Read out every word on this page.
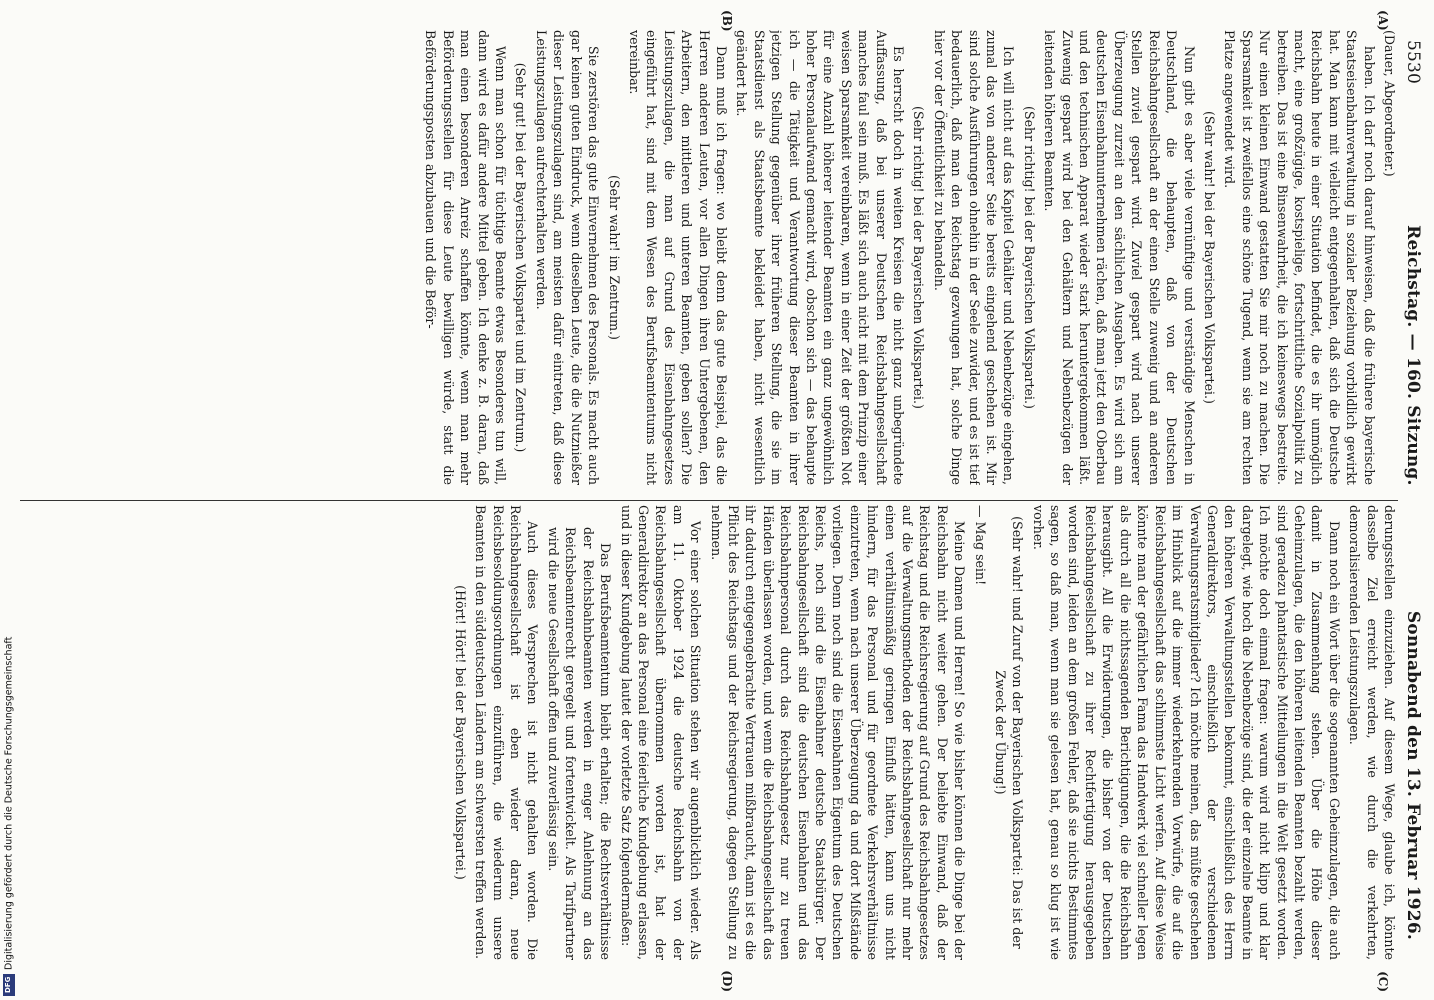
5530
Reichstag. — 160. Sitzung.
Sonnabend den 13. Februar 1926.
(A)
(B)
(C)
(D)

(Dauer, Abgeordneter.)

haben. Ich darf noch darauf hinweisen, daß die frühere bayerische Staatseisenbahnverwaltung in sozialer Beziehung vorbildlich gewirkt hat. Man kann mit vielleicht entgegenhalten, daß sich die Deutsche Reichsbahn heute in einer Situation befindet, die es ihr unmöglich macht, eine großzügige, kostspielige, fortschrittliche Sozialpolitik zu betreiben. Das ist eine Binsenwahrheit, die ich keineswegs bestreite. Nur einen kleinen Einwand gestatten Sie mir noch zu machen. Die Sparsamkeit ist zweifellos eine schöne Tugend, wenn sie am rechten Platze angewendet wird.

(Sehr wahr! bei der Bayerischen Volkspartei.)

Nun gibt es aber viele vernünftige und verständige Menschen in Deutschland, die behaupten, daß von der Deutschen Reichsbahngesellschaft an der einen Stelle zuwenig und an anderen Stellen zuviel gespart wird. Zuviel gespart wird nach unserer Überzeugung zurzeit an den sächlichen Ausgaben. Es wird sich am deutschen Eisenbahnunternehmen rächen, daß man jetzt den Oberbau und den technischen Apparat wieder stark heruntergekommen läßt. Zuwenig gespart wird bei den Gehältern und Nebenbezügen der leitenden höheren Beamten.

(Sehr richtig! bei der Bayerischen Volkspartei.)

Ich will nicht auf das Kapitel Gehälter und Nebenbezüge eingehen, zumal das von anderer Seite bereits eingehend geschehen ist. Mir sind solche Ausführungen ohnehin in der Seele zuwider, und es ist tief bedauerlich, daß man den Reichstag gezwungen hat, solche Dinge hier vor der Öffentlichkeit zu behandeln.

(Sehr richtig! bei der Bayerischen Volkspartei.)

Es herrscht doch in weiten Kreisen die nicht ganz unbegründete Auffassung, daß bei unserer Deutschen Reichsbahngesellschaft manches faul sein muß. Es läßt sich auch nicht mit dem Prinzip einer weisen Sparsamkeit vereinbaren, wenn in einer Zeit der größten Not für eine Anzahl höherer leitender Beamten ein ganz ungewöhnlich hoher Personalaufwand gemacht wird, obschon sich — das behaupte ich — die Tätigkeit und Verantwortung dieser Beamten in ihrer jetzigen Stellung gegenüber ihrer früheren Stellung, die sie im Staatsdienst als Staatsbeamte bekleidet haben, nicht wesentlich geändert hat.

Dann muß ich fragen: wo bleibt denn das gute Beispiel, das die Herren anderen Leuten, vor allen Dingen ihren Untergebenen, den Arbeitern, den mittleren und unteren Beamten, geben sollen? Die Leistungszulagen, die man auf Grund des Eisenbahngesetzes eingeführt hat, sind mit dem Wesen des Berufsbeamtentums nicht vereinbar.

(Sehr wahr! im Zentrum.)

Sie zerstören das gute Einvernehmen des Personals. Es macht auch gar keinen guten Eindruck, wenn dieselben Leute, die die Nutznießer dieser Leistungszulagen sind, am meisten dafür eintreten, daß diese Leistungszulagen aufrechterhalten werden.

(Sehr gut! bei der Bayerischen Volkspartei und im Zentrum.)

Wenn man schon für tüchtige Beamte etwas Besonderes tun will, dann wird es dafür andere Mittel geben. Ich denke z. B. daran, daß man einen besonderen Anreiz schaffen könnte, wenn man mehr Beförderungsstellen für diese Leute bewilligen würde, statt die Beförderungsposten abzubauen und die Beför-

derungsstellen einzuziehen. Auf diesem Wege, glaube ich, könnte dasselbe Ziel erreicht werden, wie durch die verkehrten, demoralisierenden Leistungszulagen.

Dann noch ein Wort über die sogenannten Geheimzulagen, die auch damit in Zusammenhang stehen. Über die Höhe dieser Geheimzulagen, die den höheren leitenden Beamten bezahlt werden, sind geradezu phantastische Mitteilungen in die Welt gesetzt worden. Ich möchte doch einmal fragen: warum wird nicht klipp und klar dargelegt, wie hoch die Nebenbezüge sind, die der einzelne Beamte in den höheren Verwaltungsstellen bekommt, einschließlich des Herrn Generaldirektors, einschließlich der verschiedenen Verwaltungsratsmitglieder? Ich möchte meinen, das müßte geschehen im Hinblick auf die immer wiederkehrenden Vorwürfe, die auf die Reichsbahngesellschaft das schlimmste Licht werfen. Auf diese Weise könnte man der gefährlichen Fama das Handwerk viel schneller legen als durch all die nichtssagenden Berichtigungen, die die Reichsbahn herausgibt. All die Erwiderungen, die bisher von der Deutschen Reichsbahngesellschaft zu ihrer Rechtfertigung herausgegeben worden sind, leiden an dem großen Fehler, daß sie nichts Bestimmtes sagen, so daß man, wenn man sie gelesen hat, genau so klug ist wie vorher.

(Sehr wahr! und Zuruf von der Bayerischen Volkspartei: Das ist der Zweck der Übung!)

— Mag sein!

Meine Damen und Herren! So wie bisher können die Dinge bei der Reichsbahn nicht weiter gehen. Der beliebte Einwand, daß der Reichstag und die Reichsregierung auf Grund des Reichsbahngesetzes auf die Verwaltungsmethoden der Reichsbahngesellschaft nur mehr einen verhältnismäßig geringen Einfluß hätten, kann uns nicht hindern, für das Personal und für geordnete Verkehrsverhältnisse einzutreten, wenn nach unserer Überzeugung da und dort Mißstände vorliegen. Denn noch sind die Eisenbahnen Eigentum des Deutschen Reichs, noch sind die Eisenbahner deutsche Staatsbürger. Der Reichsbahngesellschaft sind die deutschen Eisenbahnen und das Reichsbahnpersonal durch das Reichsbahngesetz nur zu treuen Händen überlassen worden, und wenn die Reichsbahngesellschaft das ihr dadurch entgegengebrachte Vertrauen mißbraucht, dann ist es die Pflicht des Reichstags und der Reichsregierung, dagegen Stellung zu nehmen.

Vor einer solchen Situation stehen wir augenblicklich wieder. Als am 11. Oktober 1924 die deutsche Reichsbahn von der Reichsbahngesellschaft übernommen worden ist, hat der Generaldirektor an das Personal eine feierliche Kundgebung erlassen, und in dieser Kundgebung lautet der vorletzte Satz folgendermaßen:

Das Berufsbeamtentum bleibt erhalten; die Rechtsverhältnisse der Reichsbahnbeamten werden in enger Anlehnung an das Reichsbeamtenrecht geregelt und fortentwickelt. Als Tarifpartner wird die neue Gesellschaft offen und zuverlässig sein.

Auch dieses Versprechen ist nicht gehalten worden. Die Reichsbahngesellschaft ist eben wieder daran, neue Reichsbesoldungsordnungen einzuführen, die wiederum unsere Beamten in den süddeutschen Ländern am schwersten treffen werden.

(Hört! Hört! bei der Bayerischen Volkspartei.)

DFG
Digitalisierung gefördert durch die Deutsche Forschungsgemeinschaft
